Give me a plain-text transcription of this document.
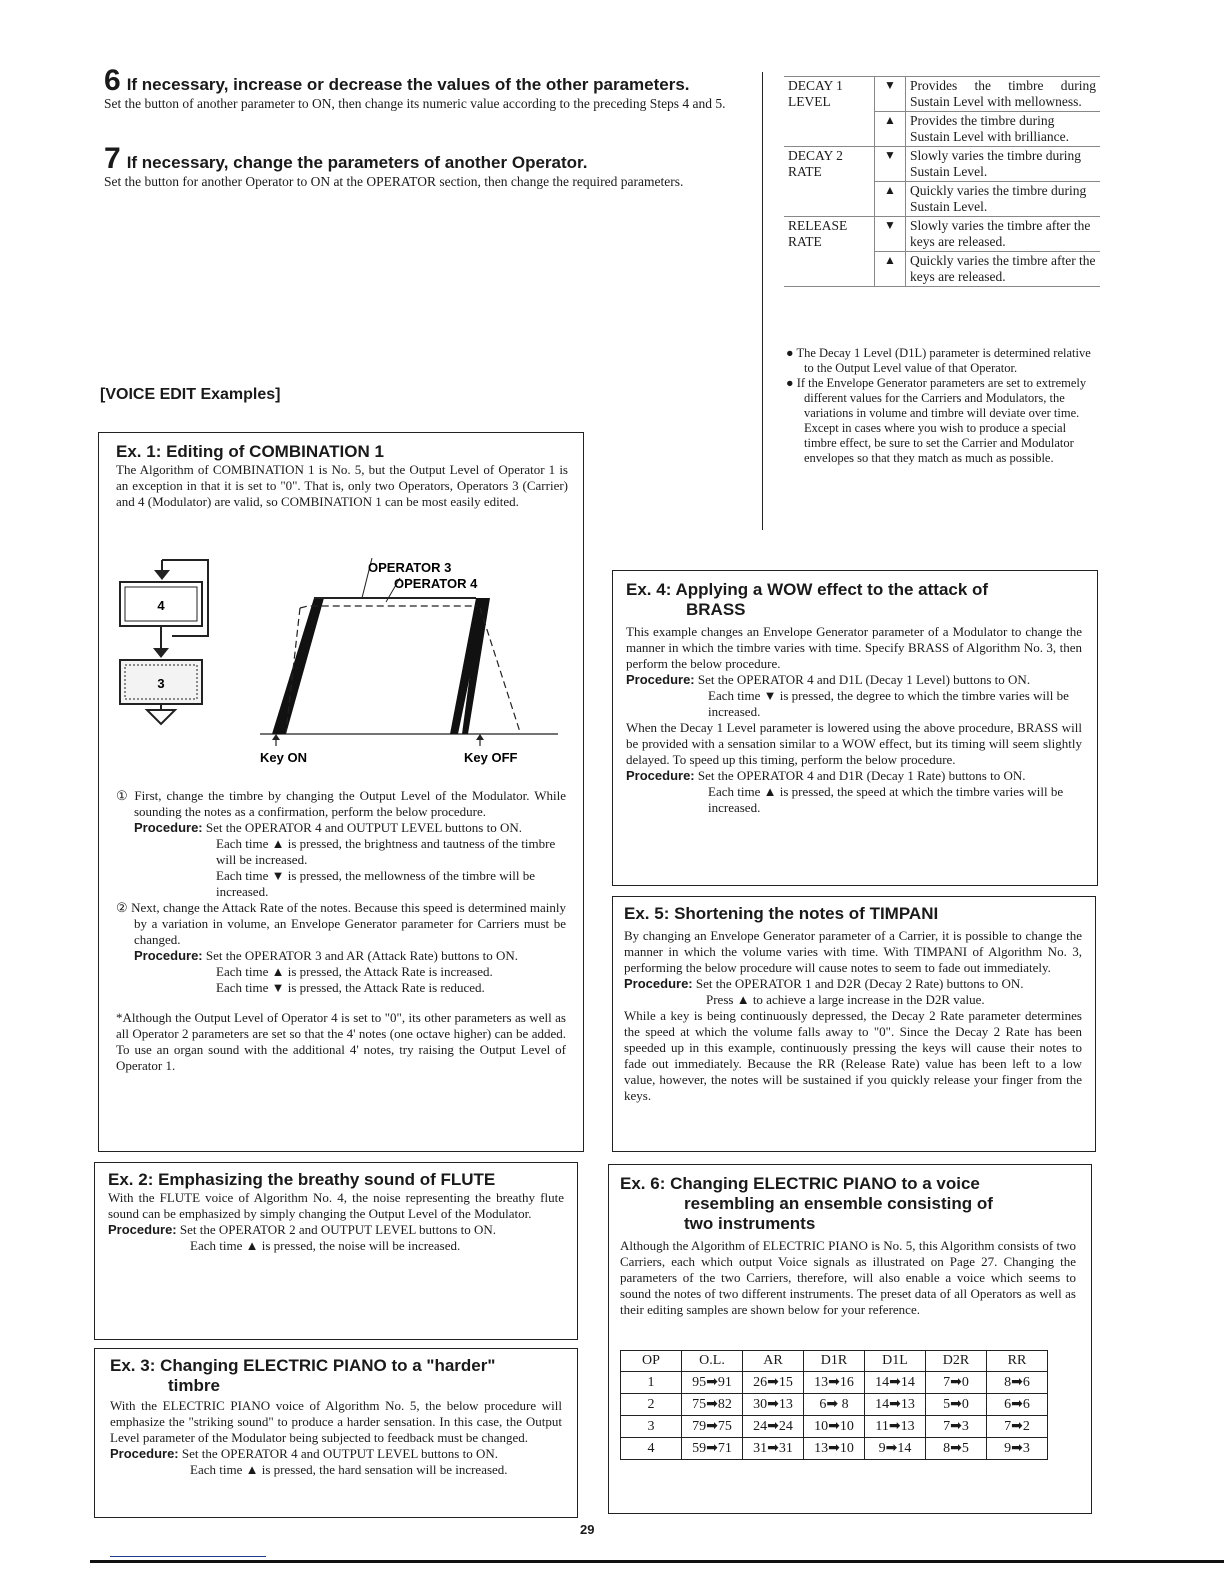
6 If necessary, increase or decrease the values of the other parameters.

Set the button of another parameter to ON, then change its numeric value according to the preceding Steps 4 and 5.

7 If necessary, change the parameters of another Operator.

Set the button for another Operator to ON at the OPERATOR section, then change the required parameters.

DECAY 1 LEVEL	▼	Provides the timbre during Sustain Level with mellowness.
	▲	Provides the timbre during Sustain Level with brilliance.
DECAY 2 RATE	▼	Slowly varies the timbre during Sustain Level.
	▲	Quickly varies the timbre during Sustain Level.
RELEASE RATE	▼	Slowly varies the timbre after the keys are released.
	▲	Quickly varies the timbre after the keys are released.

● The Decay 1 Level (D1L) parameter is determined relative to the Output Level value of that Operator.

● If the Envelope Generator parameters are set to extremely different values for the Carriers and Modulators, the variations in volume and timbre will deviate over time. Except in cases where you wish to produce a special timbre effect, be sure to set the Carrier and Modulator envelopes so that they match as much as possible.

[VOICE EDIT Examples]
Ex. 1: Editing of COMBINATION 1

The Algorithm of COMBINATION 1 is No. 5, but the Output Level of Operator 1 is an exception in that it is set to "0". That is, only two Operators, Operators 3 (Carrier) and 4 (Modulator) are valid, so COMBINATION 1 can be most easily edited.

4
3
OPERATOR 3
OPERATOR 4
Key ON	Key OFF

① First, change the timbre by changing the Output Level of the Modulator. While sounding the notes as a confirmation, perform the below procedure.

Procedure: Set the OPERATOR 4 and OUTPUT LEVEL buttons to ON.

Each time ▲ is pressed, the brightness and tautness of the timbre will be increased.

Each time ▼ is pressed, the mellowness of the timbre will be increased.

② Next, change the Attack Rate of the notes. Because this speed is determined mainly by a variation in volume, an Envelope Generator parameter for Carriers must be changed.

Procedure: Set the OPERATOR 3 and AR (Attack Rate) buttons to ON.

Each time ▲ is pressed, the Attack Rate is increased.

Each time ▼ is pressed, the Attack Rate is reduced.

*Although the Output Level of Operator 4 is set to "0", its other parameters as well as all Operator 2 parameters are set so that the 4' notes (one octave higher) can be added. To use an organ sound with the additional 4' notes, try raising the Output Level of Operator 1.

Ex. 2: Emphasizing the breathy sound of FLUTE

With the FLUTE voice of Algorithm No. 4, the noise representing the breathy flute sound can be emphasized by simply changing the Output Level of the Modulator.

Procedure: Set the OPERATOR 2 and OUTPUT LEVEL buttons to ON.

Each time ▲ is pressed, the noise will be increased.

Ex. 3: Changing ELECTRIC PIANO to a "harder"
timbre

With the ELECTRIC PIANO voice of Algorithm No. 5, the below procedure will emphasize the "striking sound" to produce a harder sensation. In this case, the Output Level parameter of the Modulator being subjected to feedback must be changed.

Procedure: Set the OPERATOR 4 and OUTPUT LEVEL buttons to ON.

Each time ▲ is pressed, the hard sensation will be increased.

Ex. 4: Applying a WOW effect to the attack of
BRASS

This example changes an Envelope Generator parameter of a Modulator to change the manner in which the timbre varies with time. Specify BRASS of Algorithm No. 3, then perform the below procedure.

Procedure: Set the OPERATOR 4 and D1L (Decay 1 Level) buttons to ON.

Each time ▼ is pressed, the degree to which the timbre varies will be increased.

When the Decay 1 Level parameter is lowered using the above procedure, BRASS will be provided with a sensation similar to a WOW effect, but its timing will seem slightly delayed. To speed up this timing, perform the below procedure.

Procedure: Set the OPERATOR 4 and D1R (Decay 1 Rate) buttons to ON.

Each time ▲ is pressed, the speed at which the timbre varies will be increased.

Ex. 5: Shortening the notes of TIMPANI

By changing an Envelope Generator parameter of a Carrier, it is possible to change the manner in which the volume varies with time. With TIMPANI of Algorithm No. 3, performing the below procedure will cause notes to seem to fade out immediately.

Procedure: Set the OPERATOR 1 and D2R (Decay 2 Rate) buttons to ON.

Press ▲ to achieve a large increase in the D2R value.

While a key is being continuously depressed, the Decay 2 Rate parameter determines the speed at which the volume falls away to "0". Since the Decay 2 Rate has been speeded up in this example, continuously pressing the keys will cause their notes to fade out immediately. Because the RR (Release Rate) value has been left to a low value, however, the notes will be sustained if you quickly release your finger from the keys.

Ex. 6: Changing ELECTRIC PIANO to a voice
resembling an ensemble consisting of
two instruments

Although the Algorithm of ELECTRIC PIANO is No. 5, this Algorithm consists of two Carriers, each which output Voice signals as illustrated on Page 27. Changing the parameters of the two Carriers, therefore, will also enable a voice which seems to sound the notes of two different instruments. The preset data of all Operators as well as their editing samples are shown below for your reference.

OP	O.L.	AR	D1R	D1L	D2R	RR
1	95➡91	26➡15	13➡16	14➡14	7➡0	8➡6
2	75➡82	30➡13	6➡ 8	14➡13	5➡0	6➡6
3	79➡75	24➡24	10➡10	11➡13	7➡3	7➡2
4	59➡71	31➡31	13➡10	9➡14	8➡5	9➡3
29
